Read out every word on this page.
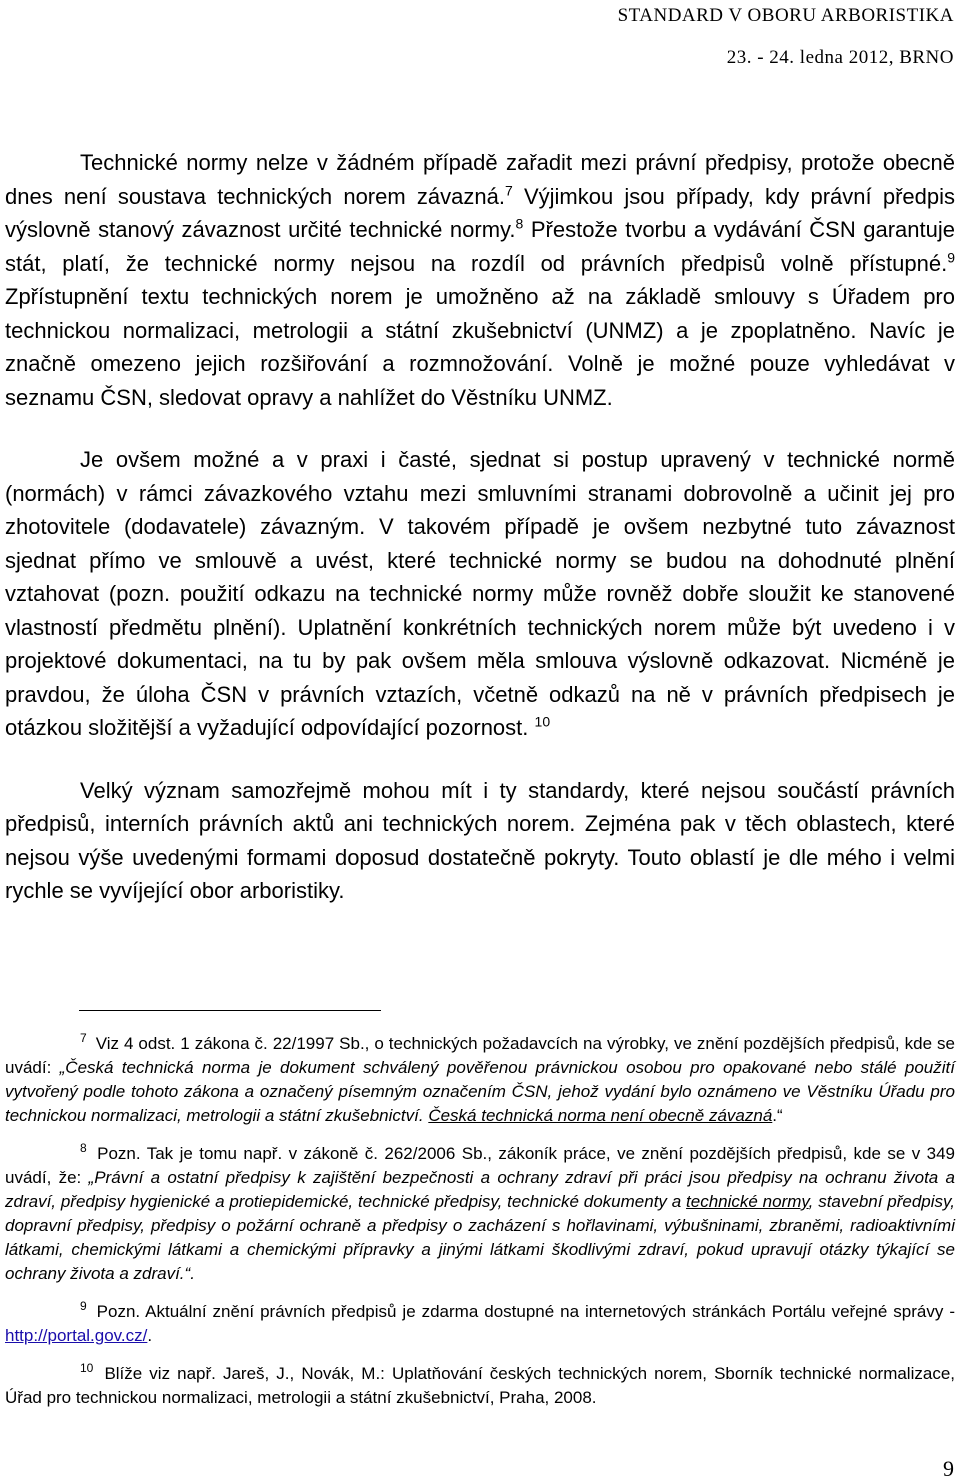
STANDARD V OBORU ARBORISTIKA
23. - 24. ledna 2012, BRNO

Technické normy nelze v žádném případě zařadit mezi právní předpisy, protože obecně dnes není soustava technických norem závazná.$^7$ Výjimkou jsou případy, kdy právní předpis výslovně stanový závaznost určité technické normy.$^8$ Přestože tvorbu a vydávání ČSN garantuje stát, platí, že technické normy nejsou na rozdíl od právních předpisů volně přístupné.$^9$ Zpřístupnění textu technických norem je umožněno až na základě smlouvy s Úřadem pro technickou normalizaci, metrologii a státní zkušebnictví (UNMZ) a je zpoplatněno. Navíc je značně omezeno jejich rozšiřování a rozmnožování. Volně je možné pouze vyhledávat v seznamu ČSN, sledovat opravy a nahlížet do Věstníku UNMZ.

Je ovšem možné a v praxi i časté, sjednat si postup upravený v technické normě (normách) v rámci závazkového vztahu mezi smluvními stranami dobrovolně a učinit jej pro zhotovitele (dodavatele) závazným. V takovém případě je ovšem nezbytné tuto závaznost sjednat přímo ve smlouvě a uvést, které technické normy se budou na dohodnuté plnění vztahovat (pozn. použití odkazu na technické normy může rovněž dobře sloužit ke stanovené vlastností předmětu plnění). Uplatnění konkrétních technických norem může být uvedeno i v projektové dokumentaci, na tu by pak ovšem měla smlouva výslovně odkazovat. Nicméně je pravdou, že úloha ČSN v právních vztazích, včetně odkazů na ně v právních předpisech je otázkou složitější a vyžadující odpovídající pozornost. $^{10}$

Velký význam samozřejmě mohou mít i ty standardy, které nejsou součástí právních předpisů, interních právních aktů ani technických norem. Zejména pak v těch oblastech, které nejsou výše uvedenými formami doposud dostatečně pokryty. Touto oblastí je dle mého i velmi rychle se vyvíjející obor arboristiky.

$^7$ Viz 4 odst. 1 zákona č. 22/1997 Sb., o technických požadavcích na výrobky, ve znění pozdějších předpisů, kde se uvádí: „Česká technická norma je dokument schválený pověřenou právnickou osobou pro opakované nebo stálé použití vytvořený podle tohoto zákona a označený písemným označením ČSN, jehož vydání bylo oznámeno ve Věstníku Úřadu pro technickou normalizaci, metrologii a státní zkušebnictví. Česká technická norma není obecně závazná.“
$^8$ Pozn. Tak je tomu např. v zákoně č. 262/2006 Sb., zákoník práce, ve znění pozdějších předpisů, kde se v 349 uvádí, že: „Právní a ostatní předpisy k zajištění bezpečnosti a ochrany zdraví při práci jsou předpisy na ochranu života a zdraví, předpisy hygienické a protiepidemické, technické předpisy, technické dokumenty a technické normy, stavební předpisy, dopravní předpisy, předpisy o požární ochraně a předpisy o zacházení s hořlavinami, výbušninami, zbraněmi, radioaktivními látkami, chemickými látkami a chemickými přípravky a jinými látkami škodlivými zdraví, pokud upravují otázky týkající se ochrany života a zdraví.“.
$^9$ Pozn. Aktuální znění právních předpisů je zdarma dostupné na internetových stránkách Portálu veřejné správy - http://portal.gov.cz/.
$^{10}$ Blíže viz např. Jareš, J., Novák, M.: Uplatňování českých technických norem, Sborník technické normalizace, Úřad pro technickou normalizaci, metrologii a státní zkušebnictví, Praha, 2008.
9
